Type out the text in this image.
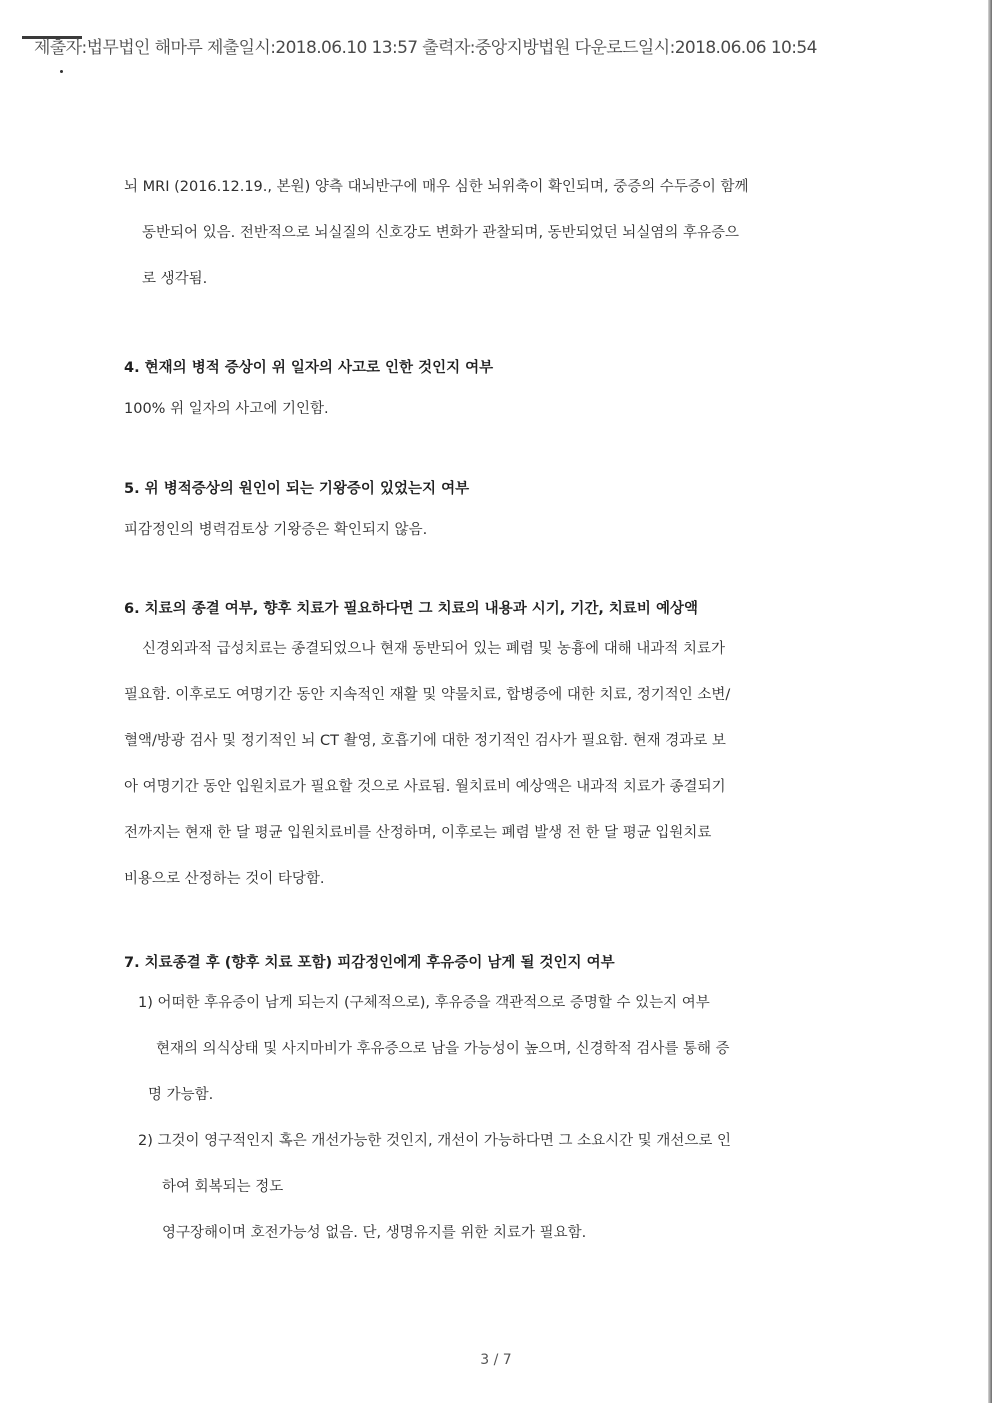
제출자:법무법인 해마루 제출일시:2018.06.10 13:57 출력자:중앙지방법원 다운로드일시:2018.06.06 10:54
뇌 MRI (2016.12.19., 본원) 양측 대뇌반구에 매우 심한 뇌위축이 확인되며, 중증의 수두증이 함께
동반되어 있음. 전반적으로 뇌실질의 신호강도 변화가 관찰되며, 동반되었던 뇌실염의 후유증으
로 생각됨.
4. 현재의 병적 증상이 위 일자의 사고로 인한 것인지 여부
100% 위 일자의 사고에 기인함.
5. 위 병적증상의 원인이 되는 기왕증이 있었는지 여부
피감정인의 병력검토상 기왕증은 확인되지 않음.
6. 치료의 종결 여부, 향후 치료가 필요하다면 그 치료의 내용과 시기, 기간, 치료비 예상액
신경외과적 급성치료는 종결되었으나 현재 동반되어 있는 폐렴 및 농흉에 대해 내과적 치료가
필요함. 이후로도 여명기간 동안 지속적인 재활 및 약물치료, 합병증에 대한 치료, 정기적인 소변/
혈액/방광 검사 및 정기적인 뇌 CT 촬영, 호흡기에 대한 정기적인 검사가 필요함. 현재 경과로 보
아 여명기간 동안 입원치료가 필요할 것으로 사료됨. 월치료비 예상액은 내과적 치료가 종결되기
전까지는 현재 한 달 평균 입원치료비를 산정하며, 이후로는 폐렴 발생 전 한 달 평균 입원치료
비용으로 산정하는 것이 타당함.
7. 치료종결 후 (향후 치료 포함) 피감정인에게 후유증이 남게 될 것인지 여부
1) 어떠한 후유증이 남게 되는지 (구체적으로), 후유증을 객관적으로 증명할 수 있는지 여부
현재의 의식상태 및 사지마비가 후유증으로 남을 가능성이 높으며, 신경학적 검사를 통해 증
명 가능함.
2) 그것이 영구적인지 혹은 개선가능한 것인지, 개선이 가능하다면 그 소요시간 및 개선으로 인
하여 회복되는 정도
영구장해이며 호전가능성 없음. 단, 생명유지를 위한 치료가 필요함.
3 / 7
